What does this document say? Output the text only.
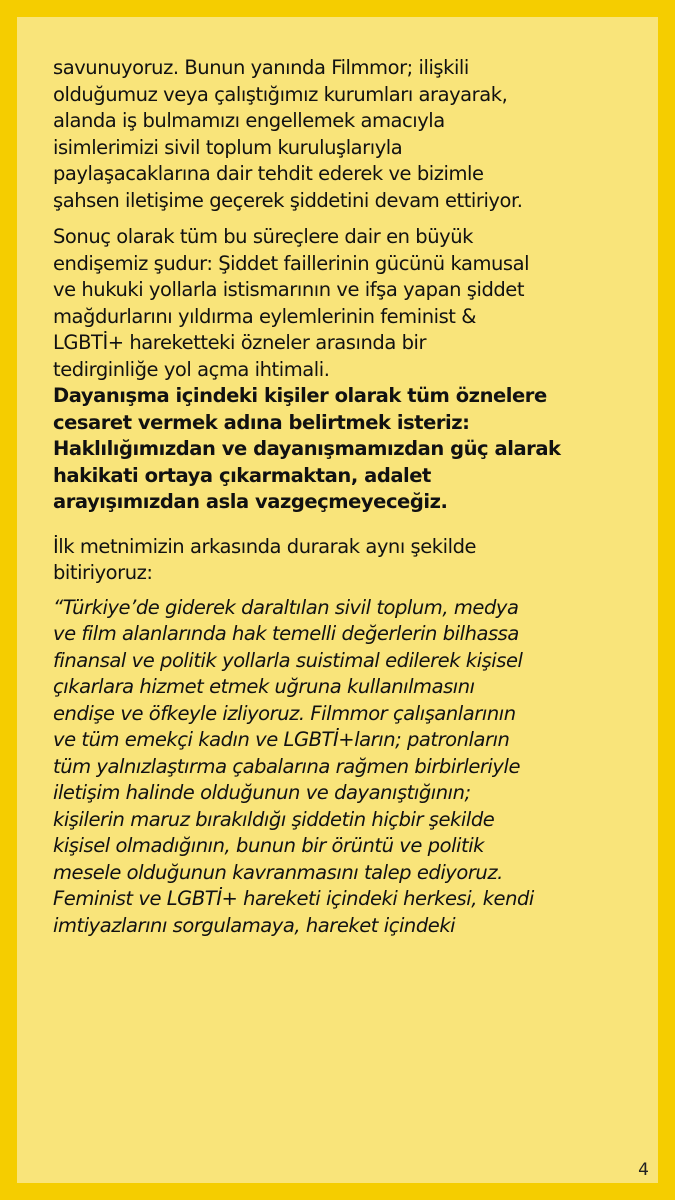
savunuyoruz. Bunun yanında Filmmor; ilişkili
olduğumuz veya çalıştığımız kurumları arayarak,
alanda iş bulmamızı engellemek amacıyla
isimlerimizi sivil toplum kuruluşlarıyla
paylaşacaklarına dair tehdit ederek ve bizimle
şahsen iletişime geçerek şiddetini devam ettiriyor.

Sonuç olarak tüm bu süreçlere dair en büyük
endişemiz şudur: Şiddet faillerinin gücünü kamusal
ve hukuki yollarla istismarının ve ifşa yapan şiddet
mağdurlarını yıldırma eylemlerinin feminist &
LGBTİ+ hareketteki özneler arasında bir
tedirginliğe yol açma ihtimali.

Dayanışma içindeki kişiler olarak tüm öznelere
cesaret vermek adına belirtmek isteriz:
Haklılığımızdan ve dayanışmamızdan güç alarak
hakikati ortaya çıkarmaktan, adalet
arayışımızdan asla vazgeçmeyeceğiz.

İlk metnimizin arkasında durarak aynı şekilde
bitiriyoruz:

“Türkiye’de giderek daraltılan sivil toplum, medya
ve film alanlarında hak temelli değerlerin bilhassa
finansal ve politik yollarla suistimal edilerek kişisel
çıkarlara hizmet etmek uğruna kullanılmasını
endişe ve öfkeyle izliyoruz. Filmmor çalışanlarının
ve tüm emekçi kadın ve LGBTİ+ların; patronların
tüm yalnızlaştırma çabalarına rağmen birbirleriyle
iletişim halinde olduğunun ve dayanıştığının;
kişilerin maruz bırakıldığı şiddetin hiçbir şekilde
kişisel olmadığının, bunun bir örüntü ve politik
mesele olduğunun kavranmasını talep ediyoruz.
Feminist ve LGBTİ+ hareketi içindeki herkesi, kendi
imtiyazlarını sorgulamaya, hareket içindeki

4
